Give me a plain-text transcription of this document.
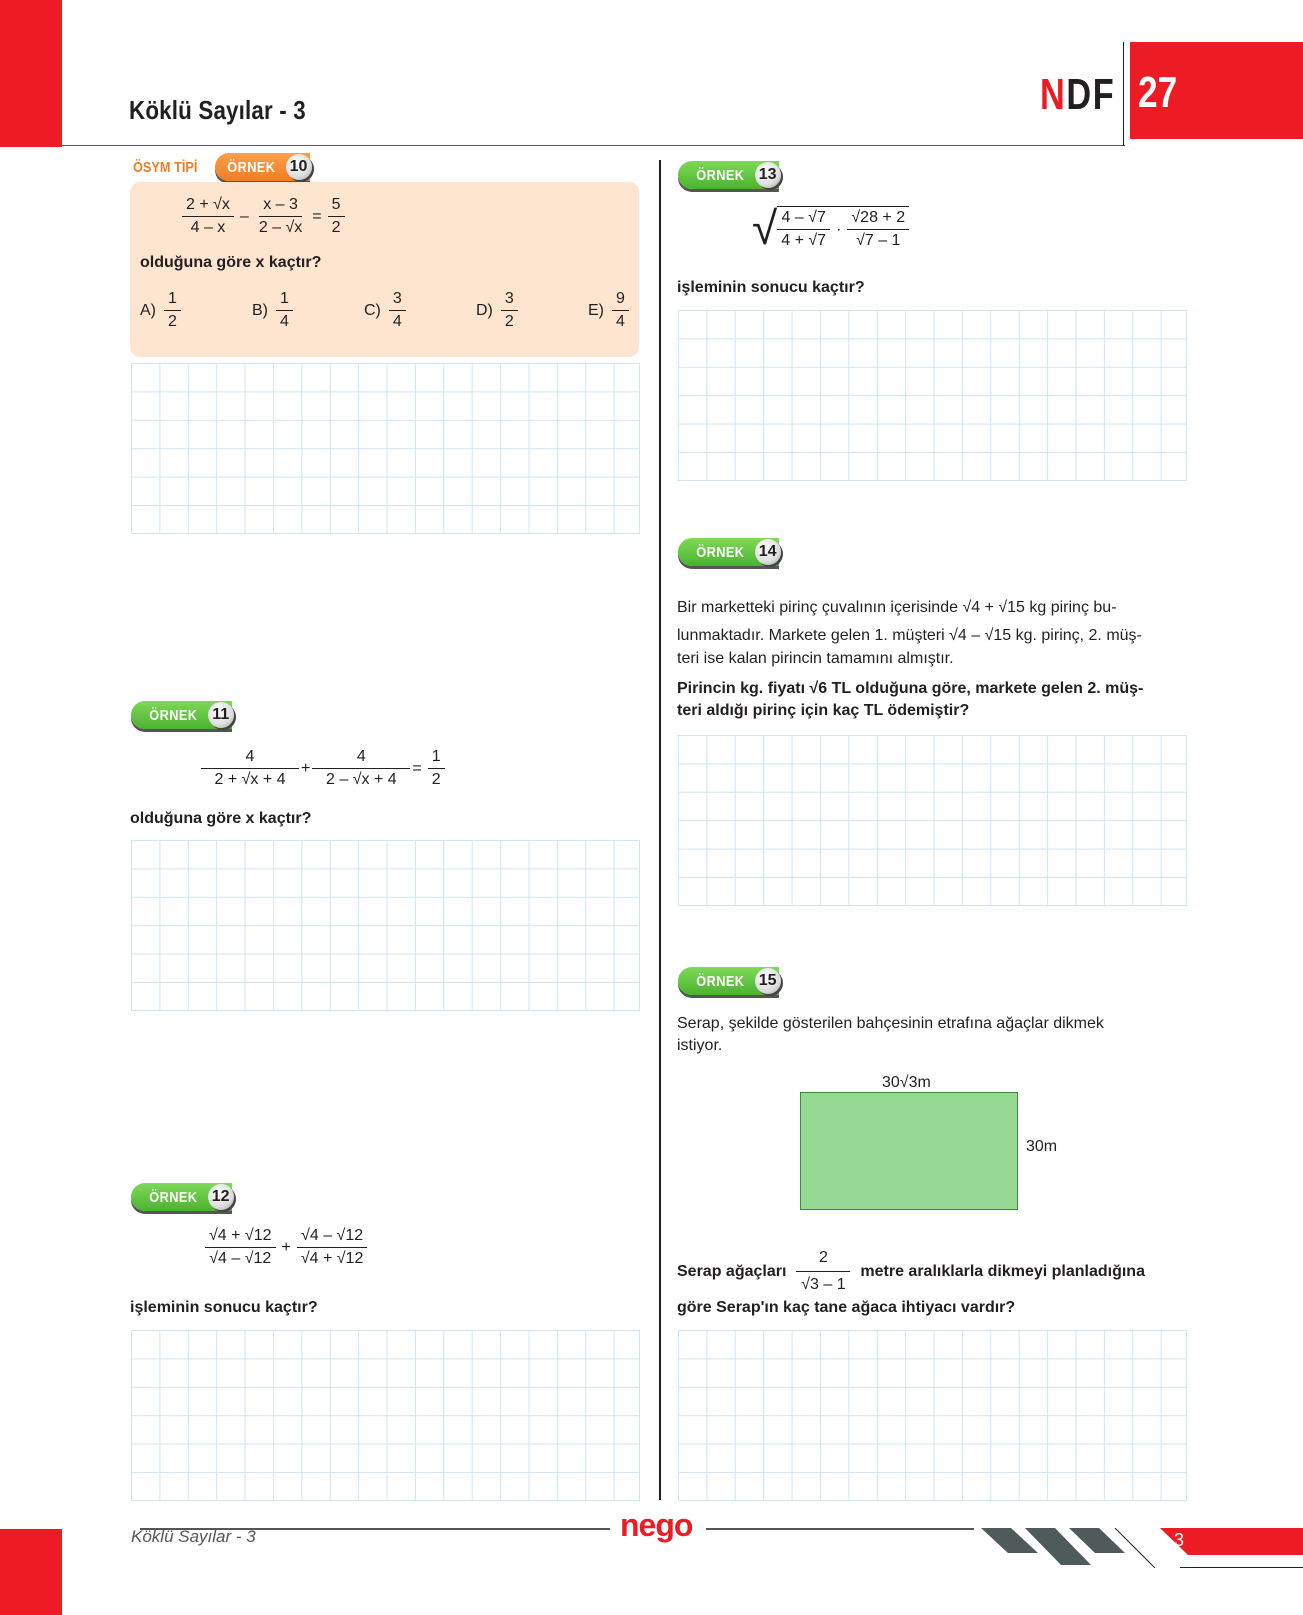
Köklü Sayılar - 3	NDF 27
ÖSYM TİPİ ÖRNEK 10
$\frac{2 + √x}{4 - x} - \frac{x - 3}{2 - √x} = \frac{5}{2}$
olduğuna göre x kaçtır?
$A) \frac{1}{2}$	$B) \frac{1}{4}$	$C) \frac{3}{4}$	$D) \frac{3}{2}$	$E) \frac{9}{4}$
ÖRNEK 11
$\frac{4}{2 + √x + 4} + \frac{4}{2 - √x + 4} = \frac{1}{2}$
olduğuna göre x kaçtır?
ÖRNEK 12
$\frac{√4 + √12}{√4 - √12} + \frac{√4 - √12}{√4 + √12}$
işleminin sonucu kaçtır?
ÖRNEK 13
√ $\frac{4 - √7}{4 + √7} \cdot \frac{√28 + 2}{√7 - 1}$
işleminin sonucu kaçtır?
ÖRNEK 14
Bir marketteki pirinç çuvalının içerisinde √4 + √15 kg pirinç bu-
lunmaktadır. Markete gelen 1. müşteri √4 – √15 kg. pirinç, 2. müş-
teri ise kalan pirincin tamamını almıştır.
Pirincin kg. fiyatı √6 TL olduğuna göre, markete gelen 2. müş-
teri aldığı pirinç için kaç TL ödemiştir?
ÖRNEK 15
Serap, şekilde gösterilen bahçesinin etrafına ağaçlar dikmek
istiyor.
30√3m
30m
Serap ağaçları $\frac{2}{√3 - 1}$ metre aralıklarla dikmeyi planladığına
göre Serap'ın kaç tane ağaca ihtiyacı vardır?
Köklü Sayılar - 3	nego	3
